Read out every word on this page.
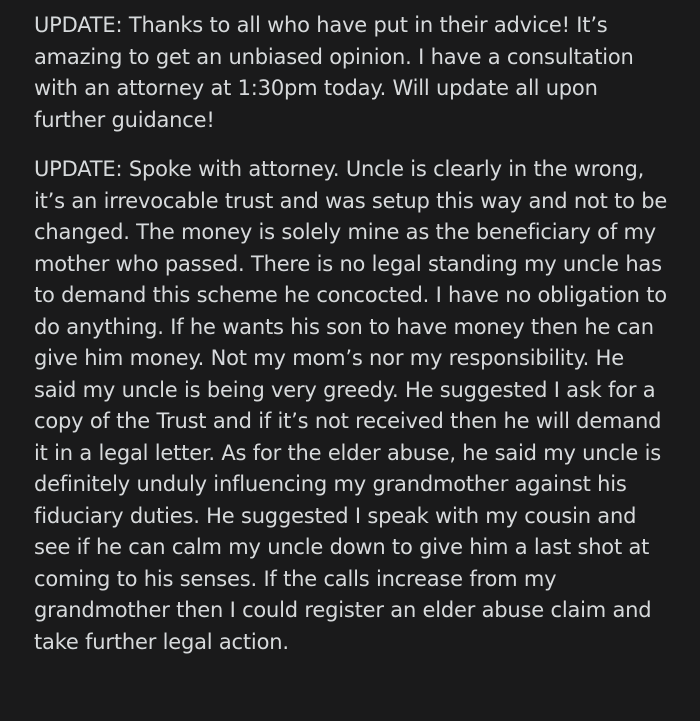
UPDATE: Thanks to all who have put in their advice! It’s amazing to get an unbiased opinion. I have a consultation with an attorney at 1:30pm today. Will update all upon further guidance!

UPDATE: Spoke with attorney. Uncle is clearly in the wrong, it’s an irrevocable trust and was setup this way and not to be changed. The money is solely mine as the beneficiary of my mother who passed. There is no legal standing my uncle has to demand this scheme he concocted. I have no obligation to do anything. If he wants his son to have money then he can give him money. Not my mom’s nor my responsibility. He said my uncle is being very greedy. He suggested I ask for a copy of the Trust and if it’s not received then he will demand it in a legal letter. As for the elder abuse, he said my uncle is definitely unduly influencing my grandmother against his fiduciary duties. He suggested I speak with my cousin and see if he can calm my uncle down to give him a last shot at coming to his senses. If the calls increase from my grandmother then I could register an elder abuse claim and take further legal action.
